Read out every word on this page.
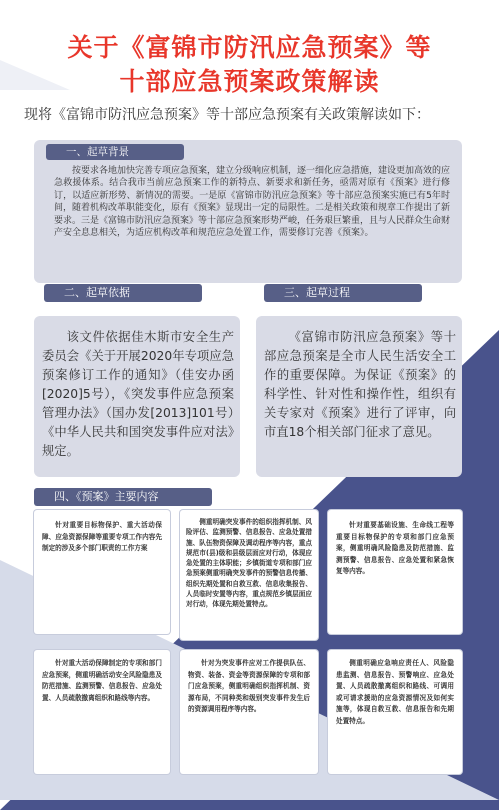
关于《富锦市防汛应急预案》等
十部应急预案政策解读
现将《富锦市防汛应急预案》等十部应急预案有关政策解读如下：
一、起草背景
按要求各地加快完善专项应急预案，建立分级响应机制，逐一细化应急措施，建设更加高效的应急救援体系。结合我市当前应急预案工作的新特点、新要求和新任务，亟需对原有《预案》进行修订，以适应新形势、新情况的需要。一是原《富锦市防汛应急预案》等十部应急预案实施已有5年时间，随着机构改革职能变化，原有《预案》显现出一定的局限性。二是相关政策和规章工作提出了新要求。三是《富锦市防汛应急预案》等十部应急预案形势严峻，任务艰巨繁重，且与人民群众生命财产安全息息相关，为适应机构改革和规范应急处置工作，需要修订完善《预案》。
二、起草依据	三、起草过程
该文件依据佳木斯市安全生产委员会《关于开展2020年专项应急预案修订工作的通知》（佳安办函[2020]5号），《突发事件应急预案管理办法》（国办发[2013]101号）《中华人民共和国突发事件应对法》规定。
《富锦市防汛应急预案》等十部应急预案是全市人民生活安全工作的重要保障。为保证《预案》的科学性、针对性和操作性，组织有关专家对《预案》进行了评审，向市直18个相关部门征求了意见。
四、《预案》主要内容
针对重要目标物保护、重大活动保障、应急资源保障等重要专项工作内容先制定的涉及多个部门职责的工作方案
侧重明确突发事件的组织指挥机制、风险评估、监测预警、信息报告、应急处置措施、队伍物资保障及调动程序等内容，重点规范市(县)级和县级层面应对行动，体现应急处置的主体职能；乡镇街道专项和部门应急预案侧重明确突发事件的预警信息传播、组织先期处置和自救互救、信息收集报告、人员临时安置等内容，重点规范乡镇层面应对行动，体现先期处置特点。
针对重要基础设施、生命线工程等重要目标物保护的专项和部门应急预案，侧重明确风险隐患及防范措施、监测预警、信息报告、应急处置和紧急恢复等内容。
针对重大活动保障制定的专项和部门应急预案，侧重明确活动安全风险隐患及防范措施、监测预警、信息报告、应急处置、人员疏散撤离组织和路线等内容。
针对为突发事件应对工作提供队伍、物资、装备、资金等资源保障的专项和部门应急预案，侧重明确组织指挥机制、资源布局，不同种类和级别突发事件发生后的资源调用程序等内容。
侧重明确应急响应责任人、风险隐患监测、信息报告、预警响应、应急处置、人员疏散撤离组织和路线、可调用或可请求援助的应急资源情况及如何实施等，体现自救互救、信息报告和先期处置特点。
